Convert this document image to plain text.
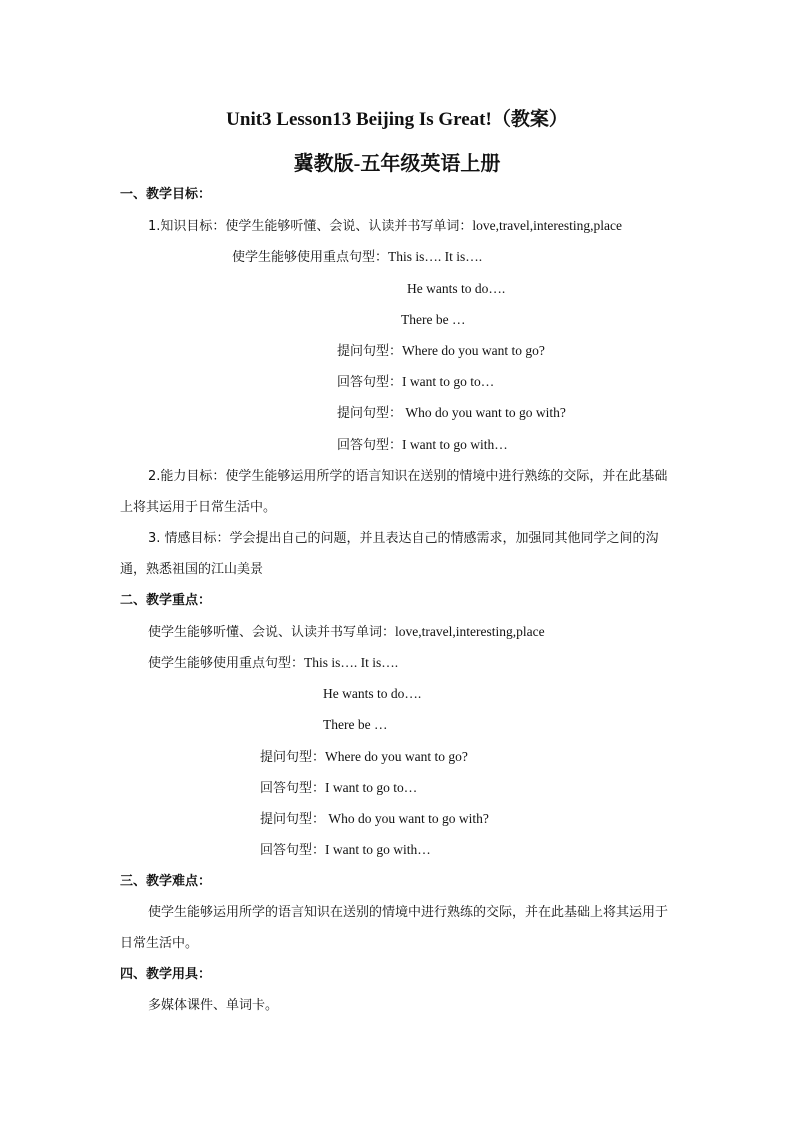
Unit3 Lesson13 Beijing Is Great!（教案）
冀教版-五年级英语上册
一、教学目标：
1.知识目标：使学生能够听懂、会说、认读并书写单词：love,travel,interesting,place
使学生能够使用重点句型：This is…. It is….
He wants to do….
There be …
提问句型：Where do you want to go?
回答句型：I want to go to…
提问句型： Who do you want to go with?
回答句型：I want to go with…
2.能力目标：使学生能够运用所学的语言知识在送别的情境中进行熟练的交际，并在此基础上将其运用于日常生活中。
3. 情感目标：学会提出自己的问题，并且表达自己的情感需求，加强同其他同学之间的沟通，熟悉祖国的江山美景
二、教学重点：
使学生能够听懂、会说、认读并书写单词：love,travel,interesting,place
使学生能够使用重点句型：This is…. It is….
He wants to do….
There be …
提问句型：Where do you want to go?
回答句型：I want to go to…
提问句型： Who do you want to go with?
回答句型：I want to go with…
三、教学难点：
使学生能够运用所学的语言知识在送别的情境中进行熟练的交际，并在此基础上将其运用于日常生活中。
四、教学用具：
多媒体课件、单词卡。
